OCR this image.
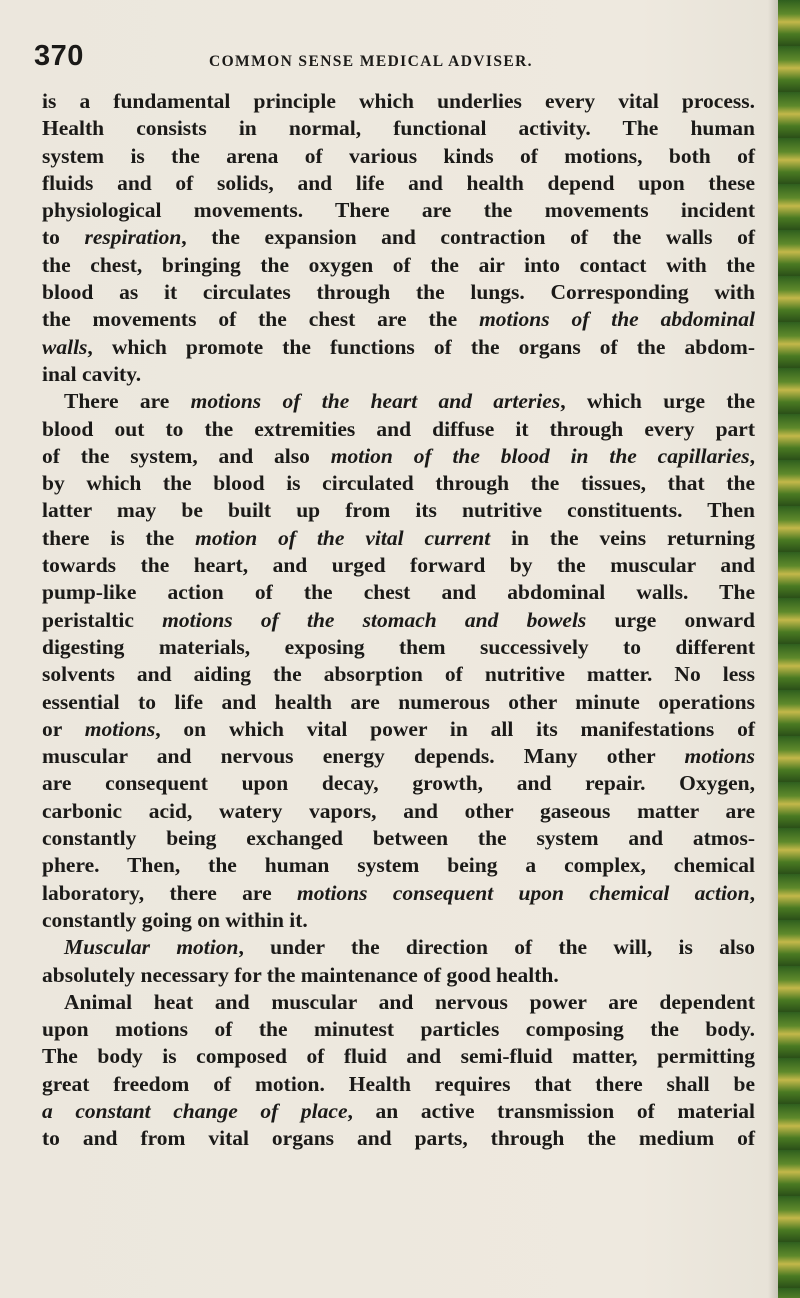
370	COMMON SENSE MEDICAL ADVISER.
is a fundamental principle which underlies every vital process.
Health consists in normal, functional activity. The human
system is the arena of various kinds of motions, both of
fluids and of solids, and life and health depend upon these
physiological movements. There are the movements incident
to respiration, the expansion and contraction of the walls of
the chest, bringing the oxygen of the air into contact with the
blood as it circulates through the lungs. Corresponding with
the movements of the chest are the motions of the abdominal
walls, which promote the functions of the organs of the abdom-
inal cavity.
There are motions of the heart and arteries, which urge the
blood out to the extremities and diffuse it through every part
of the system, and also motion of the blood in the capillaries,
by which the blood is circulated through the tissues, that the
latter may be built up from its nutritive constituents. Then
there is the motion of the vital current in the veins returning
towards the heart, and urged forward by the muscular and
pump-like action of the chest and abdominal walls. The
peristaltic motions of the stomach and bowels urge onward
digesting materials, exposing them successively to different
solvents and aiding the absorption of nutritive matter. No less
essential to life and health are numerous other minute operations
or motions, on which vital power in all its manifestations of
muscular and nervous energy depends. Many other motions
are consequent upon decay, growth, and repair. Oxygen,
carbonic acid, watery vapors, and other gaseous matter are
constantly being exchanged between the system and atmos-
phere. Then, the human system being a complex, chemical
laboratory, there are motions consequent upon chemical action,
constantly going on within it.
Muscular motion, under the direction of the will, is also
absolutely necessary for the maintenance of good health.
Animal heat and muscular and nervous power are dependent
upon motions of the minutest particles composing the body.
The body is composed of fluid and semi-fluid matter, permitting
great freedom of motion. Health requires that there shall be
a constant change of place, an active transmission of material
to and from vital organs and parts, through the medium of
